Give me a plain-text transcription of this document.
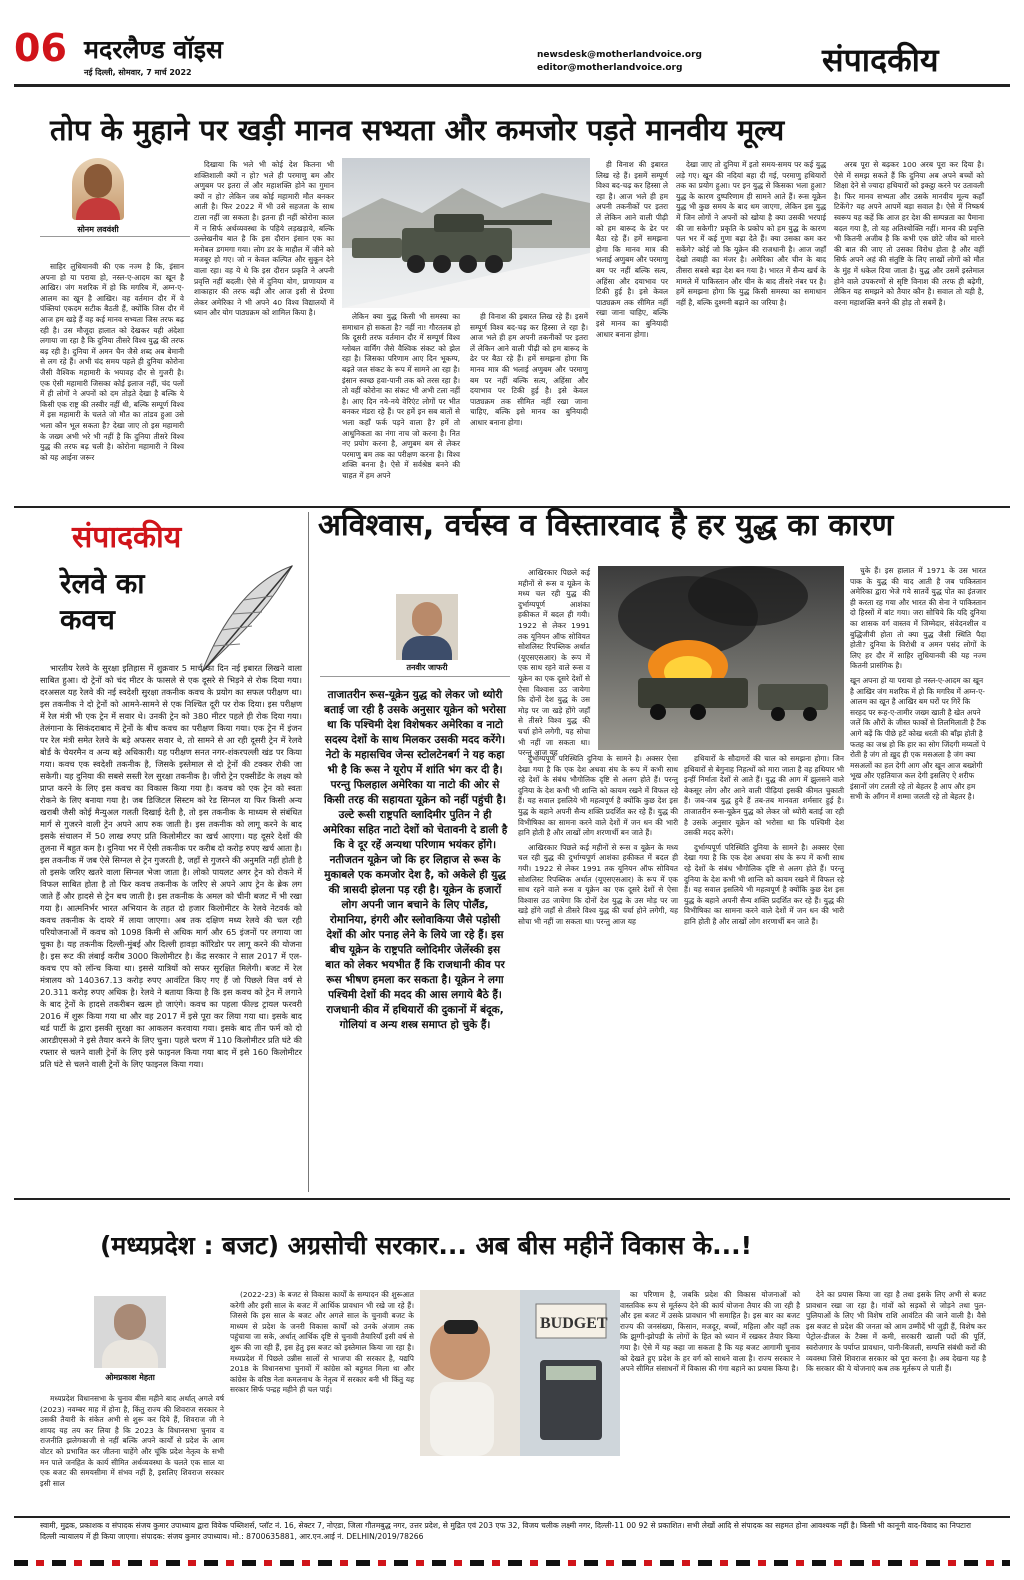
06 मदरलैण्ड वॉइस
नई दिल्ली, सोमवार, 7 मार्च 2022
newsdesk@motherlandvoice.org
editor@motherlandvoice.org	संपादकीय
तोप के मुहाने पर खड़ी मानव सभ्यता और कमजोर पड़ते मानवीय मूल्य
सोनम लववंशी

साहिर लुधियानवी की एक नज्म है कि, इंसान अपना हो या पराया हो, नस्ल-ए-आदम का खून है आखिर। जंग मशरिक में हो कि मगरिब में, अम्न-ए-आलम का खून है आखिर। वह वर्तमान दौर में वे पंक्तियां एकदम सटीक बैठती हैं, क्योंकि जिस दौर में आज हम खड़े हैं वह कई मानव सभ्यता जिस तरफ बढ़ रही है। उस मौजूदा हालात को देखकर यही अंदेशा लगाया जा रहा है कि दुनिया तीसरे विश्व युद्ध की तरफ बढ़ रही है। दुनिया में अमन चैन जैसे शब्द अब बेमानी से लग रहे हैं। अभी चंद समय पहले ही दुनिया कोरोना जैसी वैश्विक महामारी के भयावह दौर से गुजरी है। एक ऐसी महामारी जिसका कोई इलाज नहीं, चंद पलों में ही लोगों ने अपनों को दम तोड़ते देखा है बल्कि ये किसी एक राष्ट्र की तस्वीर नहीं थी, बल्कि सम्पूर्ण विश्व में इस महामारी के चलते जो मौत का तांडव हुआ उसे भला कौन भूल सकता है? देखा जाए तो इस महामारी के जख्म अभी भरे भी नहीं है कि दुनिया तीसरे विश्व युद्ध की तरफ बढ़ चली है। कोरोना महामारी ने विश्व को यह आईना जरूर

दिखाया कि भले भी कोई देश कितना भी शक्तिशाली क्यों न हो? भले ही परमाणु बम और अणुबम पर इतरा लें और महाशक्ति होने का गुमान क्यों न हो? लेकिन जब कोई महामारी मौत बनकर आती है। फिर 2022 में भी उसे सहजता के साथ टाला नहीं जा सकता है। इतना ही नहीं कोरोना काल में न सिर्फ अर्थव्यवस्था के पहिये लड़खड़ाये, बल्कि उल्लेखनीय बात है कि इस दौरान इंसान एक का मनोबल डगमगा गया। लोग डर के माहौल में जीने को मजबूर हो गए। जो न केवल कल्पित और सुकून देने वाला रहा। वह ये थे कि इस दौरान प्रकृति ने अपनी प्रवृत्ति नहीं बदली। ऐसे में दुनिया योग, प्राणायाम व शाकाहार की तरफ बढ़ी और आज इसी से प्रेरणा लेकर अमेरिका ने भी अपने 40 विश्व विद्यालयों में ध्यान और योग पाठ्यक्रम को शामिल किया है।	लेकिन क्या युद्ध किसी भी समस्या का समाधान हो सकता है? नहीं ना! गौरतलब हो कि दूसरी तरफ वर्तमान दौर में सम्पूर्ण विश्व ग्लोबल वार्मिंग जैसे वैश्विक संकट को झेल रहा है। जिसका परिणाम आए दिन भूकम्प, बढ़ते जल संकट के रूप में सामने आ रहा है। इंसान स्वच्छ हवा-पानी तक को तरस रहा है। तो वहीं कोरोना का संकट भी अभी टला नहीं है। आए दिन नये-नये वेरिएंट लोगों पर भीत बनकर मंडरा रहे हैं। पर हमें इन सब बातों से भला कहाँ फर्क पड़ने वाला है? हमें तो आधुनिकता का नंगा नाच जो करना है। नित नए प्रयोग करना है, अणुबम बम से लेकर परमाणु बम तक का परीक्षण करना है। विश्व शक्ति बनना है। ऐसे में सर्वश्रेष्ठ बनने की चाहत में हम अपने

ही विनाश की इबारत लिख रहे हैं। इसमें सम्पूर्ण विश्व बद-चढ़ कर हिस्सा ले रहा है। आज भले ही हम अपनी तकनीकों पर इतरा लें लेकिन आने वाली पीढ़ी को हम बारूद के ढेर पर बैठा रहे हैं। हमें समझना होगा कि मानव मात्र की भलाई अणुबम और परमाणु बम पर नहीं बल्कि सत्य, अहिंसा और दयाभाव पर टिकी हुई है। इसे केवल पाठ्यक्रम तक सीमित नहीं रखा जाना चाहिए, बल्कि इसे मानव का बुनियादी आधार बनाना होगा।

ही विनाश की इबारत लिख रहे हैं। इसमें सम्पूर्ण विश्व बद-चढ़ कर हिस्सा ले रहा है। आज भले ही हम अपनी तकनीकों पर इतरा लें लेकिन आने वाली पीढ़ी को हम बारूद के ढेर पर बैठा रहे हैं। हमें समझना होगा कि मानव मात्र की भलाई अणुबम और परमाणु बम पर नहीं बल्कि सत्य, अहिंसा और दयाभाव पर टिकी हुई है। इसे केवल पाठ्यक्रम तक सीमित नहीं रखा जाना चाहिए, बल्कि इसे मानव का बुनियादी आधार बनाना होगा।

देखा जाए तो दुनिया में इतो समय-समय पर कई युद्ध लड़े गए। खून की नदियां बहा दी गई, परमाणु हथियारों तक का प्रयोग हुआ। पर इन युद्ध से किसका भला हुआ? युद्ध के कारण दुष्परिणाम ही सामने आते हैं। रूस यूक्रेन युद्ध भी कुछ समय के बाद थम जाएगा, लेकिन इस युद्ध में जिन लोगों ने अपनों को खोया है क्या उसकी भरपाई की जा सकेगी? प्रकृति के प्रकोप को हम युद्ध के कारण पल भर में कई गुणा बढ़ा देते हैं। क्या उसका कम कर सकेंगे? कोई जो कि यूक्रेन की राजधानी है। आज जहाँ देखो तबाही का मंजर है। अमेरिका और चीन के बाद तीसरा सबसे बड़ा देश बन गया है। भारत में सैन्य खर्च के मामले में पाकिस्तान और चीन के बाद तीसरे नंबर पर है। हमें समझना होगा कि युद्ध किसी समस्या का समाधान नहीं है, बल्कि दुश्मनी बढ़ाने का जरिया है।

अरब पूरा से बढ़कर 100 अरब पूरा कर दिया है। ऐसे में समझ सकते हैं कि दुनिया अब अपने बच्चों को शिक्षा देने से ज्यादा हथियारों को इकट्ठा करने पर उतावली है। फिर मानव सभ्यता और उसके मानवीय मूल्य कहाँ टिकेंगे? यह अपने आपमें बड़ा सवाल है। ऐसे में निष्कर्ष स्वरूप यह कहें कि आज हर देश की सम्पन्नता का पैमाना बदल गया है, तो यह अतिश्योक्ति नहीं। मानव की प्रवृत्ति भी कितनी अजीब है कि कभी एक छोटे जीव को मारने की बात की जाए तो उसका विरोध होता है और वहीं सिर्फ अपने अहं की संतुष्टि के लिए लाखों लोगों को मौत के मुंह में धकेल दिया जाता है। युद्ध और उसमें इस्तेमाल होने वाले उपकरणों से सृष्टि विनाश की तरफ ही बढ़ेगी, लेकिन यह समझने को तैयार कौन है। सवाल तो यही है, वरना महाशक्ति बनने की होड़ तो सबमें है।

संपादकीय
रेलवे का कवच

भारतीय रेलवे के सुरक्षा इतिहास में शुक्रवार 5 मार्च का दिन नई इबारत लिखने वाला साबित हुआ। दो ट्रेनों को चंद मीटर के फासले से एक दूसरे से भिड़ने से रोक दिया गया। दरअसल यह रेलवे की नई स्वदेशी सुरक्षा तकनीक कवच के प्रयोग का सफल परीक्षण था। इस तकनीक ने दो ट्रेनों को आमने-सामने से एक निश्चित दूरी पर रोक दिया। इस परीक्षण में रेल मंत्री भी एक ट्रेन में सवार थे। उनकी ट्रेन को 380 मीटर पहले ही रोक दिया गया। तेलंगाना के सिकंदराबाद में ट्रेनों के बीच कवच का परीक्षण किया गया। एक ट्रेन में इंजन पर रेल मंत्री समेत रेलवे के बड़े अफसर सवार थे, तो सामने से आ रही दूसरी ट्रेन में रेलवे बोर्ड के चेयरमैन व अन्य बड़े अधिकारी। यह परीक्षण सनत नगर-शंकरपल्ली खंड पर किया गया। कवच एक स्वदेशी तकनीक है, जिसके इस्तेमाल से दो ट्रेनों की टक्कर रोकी जा सकेगी। यह दुनिया की सबसे सस्ती रेल सुरक्षा तकनीक है। जीरो ट्रेन एक्सीडेंट के लक्ष्य को प्राप्त करने के लिए इस कवच का विकास किया गया है। कवच को एक ट्रेन को स्वतः रोकने के लिए बनाया गया है। जब डिजिटल सिस्टम को रेड सिग्नल या फिर किसी अन्य खराबी जैसी कोई मैन्युअल गलती दिखाई देती है, तो इस तकनीक के माध्यम से संबंधित मार्ग से गुजरने वाली ट्रेन अपने आप रुक जाती है। इस तकनीक को लागू करने के बाद इसके संचालन में 50 लाख रुपए प्रति किलोमीटर का खर्च आएगा। यह दूसरे देशों की तुलना में बहुत कम है। दुनिया भर में ऐसी तकनीक पर करीब दो करोड़ रुपए खर्च आता है। इस तकनीक में जब ऐसे सिग्नल से ट्रेन गुजरती है, जहाँ से गुजरने की अनुमति नहीं होती है तो इसके जरिए खतरे वाला सिग्नल भेजा जाता है। लोको पायलट अगर ट्रेन को रोकने में विफल साबित होता है तो फिर कवच तकनीक के जरिए से अपने आप ट्रेन के ब्रेक लग जाते हैं और हादसे से ट्रेन बच जाती है। इस तकनीक के अमल को चीनी बजट में भी रखा गया है। आत्मनिर्भर भारत अभियान के तहत दो हजार किलोमीटर के रेलवे नेटवर्क को कवच तकनीक के दायरे में लाया जाएगा। अब तक दक्षिण मध्य रेलवे की चल रही परियोजनाओं में कवच को 1098 किमी से अधिक मार्ग और 65 इंजनों पर लगाया जा चुका है। यह तकनीक दिल्ली-मुंबई और दिल्ली हावड़ा कॉरिडोर पर लागू करने की योजना है। इस रूट की लंबाई करीब 3000 किलोमीटर है। केंद्र सरकार ने साल 2017 में एल-कवच एप को लॉन्च किया था। इससे यात्रियों को सफर सुरक्षित मिलेगी। बजट में रेल मंत्रालय को 140367.13 करोड़ रुपए आवंटित किए गए हैं जो पिछले वित्त वर्ष से 20.311 करोड़ रुपए अधिक है। रेलवे ने बताया किया है कि इस कवच को ट्रेन में लगाने के बाद ट्रेनों के हादसे तकरीबन खत्म हो जाएंगे। कवच का पहला फील्ड ट्रायल फरवरी 2016 में शुरू किया गया था और वह 2017 में इसे पूरा कर लिया गया था। इसके बाद थर्ड पार्टी के द्वारा इसकी सुरक्षा का आकलन करवाया गया। इसके बाद तीन फर्म को दो आरडीएसओ ने इसे तैयार करने के लिए चुना। पहले चरण में 110 किलोमीटर प्रति घंटे की रफ्तार से चलने वाली ट्रेनों के लिए इसे फाइनल किया गया बाद में इसे 160 किलोमीटर प्रति घंटे से चलने वाली ट्रेनों के लिए फाइनल किया गया।

अविश्वास, वर्चस्व व विस्तारवाद है हर युद्ध का कारण
तनवीर जाफरी

आखिरकार पिछले कई महीनों से रूस व यूक्रेन के मध्य चल रही युद्ध की दुर्भाग्यपूर्ण आशंका हकीकत में बदल ही गयी। 1922 से लेकर 1991 तक यूनियन ऑफ सोवियत सोशलिस्ट रिपब्लिक अर्थात (यूएसएसआर) के रूप में एक साथ रहने वाले रूस व यूक्रेन का एक दूसरे देशों से ऐसा विश्वास उठ जायेगा कि दोनों देश युद्ध के उस मोड़ पर जा खड़े होंगे जहाँ से तीसरे विश्व युद्ध की चर्चा होने लगेगी, यह सोचा भी नहीं जा सकता था। परन्तु आज यह

चुके हैं। इस हालात में 1971 के उस भारत पाक के युद्ध की याद आती है जब पाकिस्तान अमेरिका द्वारा भेजे गये सातवें युद्ध पोत का इंतजार ही करता रह गया और भारत की सेना ने पाकिस्तान दो हिस्सों में बांट गया। जरा सोचिये कि यदि दुनिया का शासक वर्ग वास्तव में जिम्मेदार, संवेदनशील व बुद्धिजीवी होता तो क्या युद्ध जैसी स्थिति पैदा होती? दुनिया के विरोधी व अमन पसंद लोगों के लिए हर दौर में साहिर लुधियानवी की यह नज्म कितनी प्रासंगिक है।

खून अपना हो या पराया हो नस्ल-ए-आदम का खून है आखिर जंग मशरिक में हो कि मगरिब में अम्न-ए-आलम का खून है आखिर बम घरों पर गिरें कि सरहद पर रूह-ए-तामीर जख्म खाती है खेत अपने जलें कि औरों के जीस्त फाकों से तिलमिलाती है टैंक आगे बढ़ें कि पीछे हटें कोख धरती की बाँझ होती है फतह का जश्न हो कि हार का सोग जिंदगी मय्यतों पे रोती है जंग तो ख़ुद ही एक मसअला है जंग क्या मसअलों का हल देगी आग और खून आज बख्शेगी भूख और एहतियाज कल देगी इसलिए ऐ शरीफ इंसानों जंग टलती रहे तो बेहतर है आप और हम सभी के आँगन में शम्मा जलती रहे तो बेहतर है।

ताजातरीन रूस-यूक्रेन युद्ध को लेकर जो थ्योरी बताई जा रही है उसके अनुसार यूक्रेन को भरोसा था कि पश्चिमी देश विशेषकर अमेरिका व नाटो सदस्य देशों के साथ मिलकर उसकी मदद करेंगे। नेटो के महासचिव जेन्स स्टोलटेनबर्ग ने यह कहा भी है कि रूस ने यूरोप में शांति भंग कर दी है। परन्तु फिलहाल अमेरिका या नाटो की ओर से किसी तरह की सहायता यूक्रेन को नहीं पहुंची है। उल्टे रूसी राष्ट्रपति व्लादिमीर पुतिन ने ही अमेरिका सहित नाटो देशों को चेतावनी दे डाली है कि वे दूर रहें अन्यथा परिणाम भयंकर होंगे। नतीजतन यूक्रेन जो कि हर लिहाज से रूस के मुकाबले एक कमजोर देश है, को अकेले ही युद्ध की त्रासदी झेलना पड़ रही है। यूक्रेन के हजारों लोग अपनी जान बचाने के लिए पोलैंड, रोमानिया, हंगरी और स्लोवाकिया जैसे पड़ोसी देशों की ओर पनाह लेने के लिये जा रहे हैं। इस बीच यूक्रेन के राष्ट्रपति व्लोदिमीर जेलेंस्की इस बात को लेकर भयभीत हैं कि राजधानी कीव पर रूस भीषण हमला कर सकता है। यूक्रेन ने लगा पश्चिमी देशों की मदद की आस लगाये बैठे हैं। राजधानी कीव में हथियारों की दुकानों में बंदूक, गोलियां व अन्य शस्त्र समाप्त हो चुके हैं।

दुर्भाग्यपूर्ण परिस्थिति दुनिया के सामने है। अक्सर ऐसा देखा गया है कि एक देश अथवा संघ के रूप में कभी साथ रहे देशों के संबंध भौगोलिक दृष्टि से अलग होते हैं। परन्तु दुनिया के देश कभी भी शान्ति को कायम रखने में विफल रहे हैं। यह सवाल इसलिये भी महत्वपूर्ण है क्योंकि कुछ देश इस युद्ध के बहाने अपनी सैन्य शक्ति प्रदर्शित कर रहे हैं। युद्ध की विभीषिका का सामना करने वाले देशों में जन धन की भारी हानि होती है और लाखों लोग शरणार्थी बन जाते हैं।

आखिरकार पिछले कई महीनों से रूस व यूक्रेन के मध्य चल रही युद्ध की दुर्भाग्यपूर्ण आशंका हकीकत में बदल ही गयी। 1922 से लेकर 1991 तक यूनियन ऑफ सोवियत सोशलिस्ट रिपब्लिक अर्थात (यूएसएसआर) के रूप में एक साथ रहने वाले रूस व यूक्रेन का एक दूसरे देशों से ऐसा विश्वास उठ जायेगा कि दोनों देश युद्ध के उस मोड़ पर जा खड़े होंगे जहाँ से तीसरे विश्व युद्ध की चर्चा होने लगेगी, यह सोचा भी नहीं जा सकता था। परन्तु आज यह

हथियारों के सौदागरों की चाल को समझना होगा। जिन हथियारों से बेगुनाह निहत्थों को मारा जाता है वह हथियार भी इन्हीं निर्माता देशों से आते हैं। युद्ध की आग में झुलसने वाले बेकसूर लोग और आने वाली पीढ़ियां इसकी कीमत चुकाती हैं। जब-जब युद्ध हुये हैं तब-तब मानवता शर्मसार हुई है। ताजातरीन रूस-यूक्रेन युद्ध को लेकर जो थ्योरी बताई जा रही है उसके अनुसार यूक्रेन को भरोसा था कि पश्चिमी देश उसकी मदद करेंगे।

दुर्भाग्यपूर्ण परिस्थिति दुनिया के सामने है। अक्सर ऐसा देखा गया है कि एक देश अथवा संघ के रूप में कभी साथ रहे देशों के संबंध भौगोलिक दृष्टि से अलग होते हैं। परन्तु दुनिया के देश कभी भी शान्ति को कायम रखने में विफल रहे हैं। यह सवाल इसलिये भी महत्वपूर्ण है क्योंकि कुछ देश इस युद्ध के बहाने अपनी सैन्य शक्ति प्रदर्शित कर रहे हैं। युद्ध की विभीषिका का सामना करने वाले देशों में जन धन की भारी हानि होती है और लाखों लोग शरणार्थी बन जाते हैं।

(मध्यप्रदेश : बजट) अग्रसोची सरकार... अब बीस महीनें विकास के...!
ओमप्रकाश मेहता

मध्यप्रदेश विधानसभा के चुनाव बीस महीने बाद अर्थात् अगले वर्ष (2023) नवम्बर माह में होना है, किंतु राज्य की शिवराज सरकार ने उसकी तैयारी के संकेत अभी से शुरू कर दिये हैं, शिवराज जी ने शायद यह तय कर लिया है कि 2023 के विधानसभा चुनाव व राजनीति झलेगकाजी से नहीं बल्कि अपने कार्यों से प्रदेश के आम वोटर को प्रभावित कर जीतना चाहेंगे और चूंकि प्रदेश नेतृत्व के सभी मन पाले जनहित के कार्य सीमित अर्थव्यवस्था के चलते एक साल या एक बजट की समयसीमा में संभव नहीं है, इसलिए शिवराज सरकार इसी साल

(2022-23) के बजट से विकास कार्यों के सम्पादन की शुरूआत करेगी और इसी साल के बजट में आर्थिक प्रावधान भी रखे जा रहे हैं। जिससे कि इस साल के बजट और अगले साल के चुनावी बजट के माध्यम से प्रदेश के जनरी विकास कार्यों को उनके अंजाम तक पहुंचाया जा सके, अर्थात् आर्थिक दृष्टि से चुनावी तैयारियाँ इसी वर्ष से शुरू की जा रही हैं, इस हेतु इस बजट को इस्तेमाल किया जा रहा है। मध्यप्रदेश में पिछले उन्नीस सालों से भाजपा की सरकार है, यद्यपि 2018 के विधानसभा चुनावों में कांग्रेस को बहुमत मिला था और कांग्रेस के वरिष्ठ नेता कमलनाथ के नेतृत्व में सरकार बनी भी किंतु यह सरकार सिर्फ पन्द्रह महीने ही चल पाई।

BUDGET

का परिणाम है, जबकि प्रदेश की विकास योजनाओं को वास्तविक रूप से मूर्तरूप देने की कार्य योजना तैयार की जा रही है और इस बजट में उसके प्रावधान भी समाहित है। इस बार का बजट राज्य की जनसंख्या, किसान, मजदूर, बच्चों, महिला और वहाँ तक कि झुग्गी-झोपड़ी के लोगों के हित को ध्यान में रखकर तैयार किया गया है। ऐसे में यह कहा जा सकता है कि यह बजट आगामी चुनाव को देखते हुए प्रदेश के हर वर्ग को साधने वाला है। राज्य सरकार ने अपने सीमित संसाधनों में विकास की गंगा बहाने का प्रयास किया है।

देने का प्रयास किया जा रहा है तथा इसके लिए अभी से बजट प्रावधान रखा जा रहा है। गांवों को सड़कों से जोड़ने तथा पुल-पुलियाओं के लिए भी विशेष राशि आवंटित की जाने वाली है। वैसे इस बजट से प्रदेश की जनता को आम उम्मीदें भी जुड़ी हैं, विशेष कर पेट्रोल-डीजल के टैक्स में कमी, सरकारी खाली पदों की पूर्ति, स्वरोजगार के पर्याप्त प्रावधान, पानी-बिजली, सम्पत्ति संबंधी करों की व्यवस्था जिसे शिवराज सरकार को पूरा करना है। अब देखना यह है कि सरकार की ये योजनाएं कब तक मूर्तरूप ले पाती हैं।

स्वामी, मुद्रक, प्रकाशक व संपादक संजय कुमार उपाध्याय द्वारा विवेक पब्लिशर्स, प्लॉट नं. 16, सेक्टर 7, नोएडा, जिला गौतमबुद्ध नगर, उत्तर प्रदेश, से मुद्रित एवं 203 एफ 32, विजय चलीक लक्ष्मी नगर, दिल्ली-11 00 92 से प्रकाशित। सभी लेखों आदि से संपादक का सहमत होना आवश्यक नहीं है। किसी भी कानूनी वाद-विवाद का निपटारा दिल्ली न्यायालय में ही किया जाएगा। संपादक: संजय कुमार उपाध्याय। मो.: 8700635881, आर.एन.आई नं. DELHIN/2019/78266
